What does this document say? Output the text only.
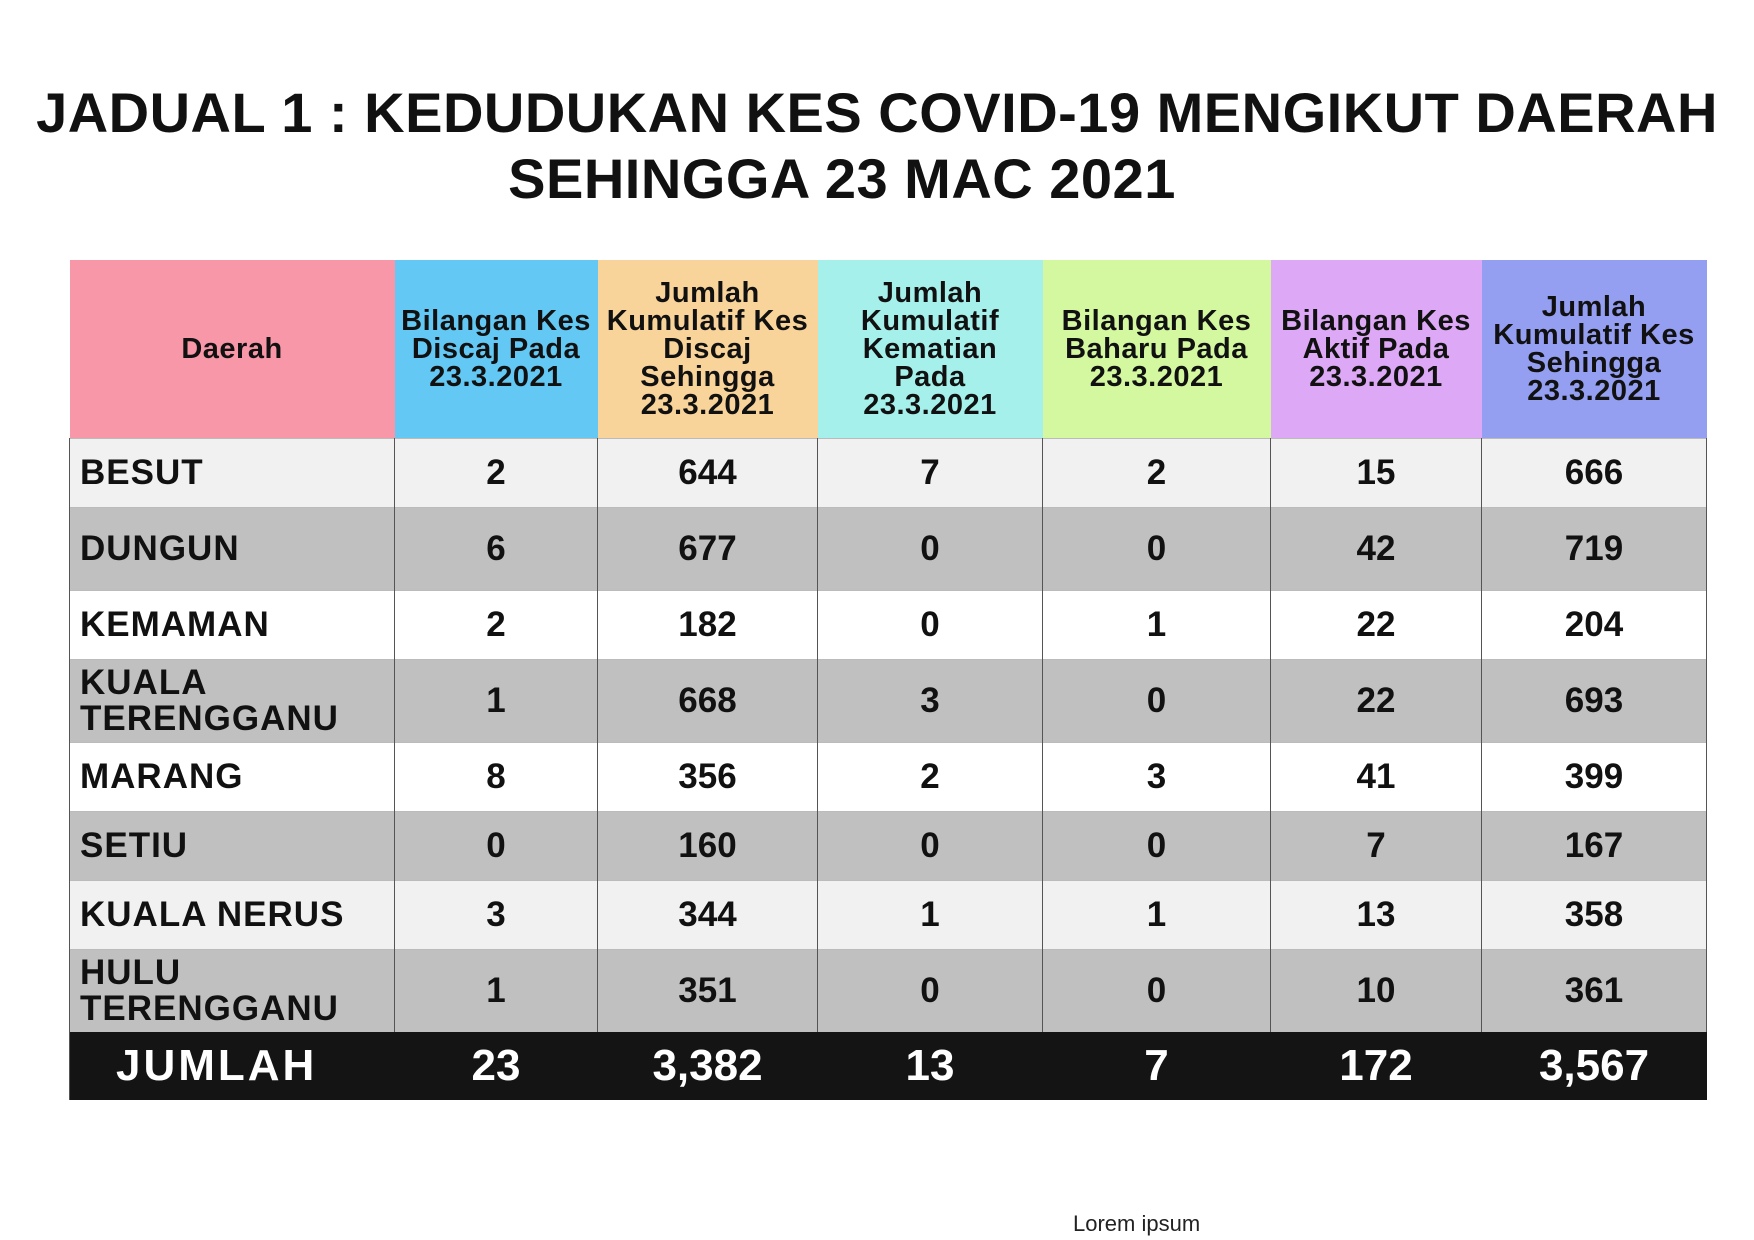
JADUAL 1 : KEDUDUKAN KES COVID-19 MENGIKUT DAERAH
SEHINGGA 23 MAC 2021
Daerah	Bilangan Kes Discaj Pada 23.3.2021	Jumlah Kumulatif Kes Discaj Sehingga 23.3.2021	Jumlah Kumulatif Kematian Pada 23.3.2021	Bilangan Kes Baharu Pada 23.3.2021	Bilangan Kes Aktif Pada 23.3.2021	Jumlah Kumulatif Kes Sehingga 23.3.2021
BESUT	2	644	7	2	15	666
DUNGUN	6	677	0	0	42	719
KEMAMAN	2	182	0	1	22	204
KUALA TERENGGANU	1	668	3	0	22	693
MARANG	8	356	2	3	41	399
SETIU	0	160	0	0	7	167
KUALA NERUS	3	344	1	1	13	358
HULU TERENGGANU	1	351	0	0	10	361
JUMLAH	23	3,382	13	7	172	3,567
Lorem ipsum
